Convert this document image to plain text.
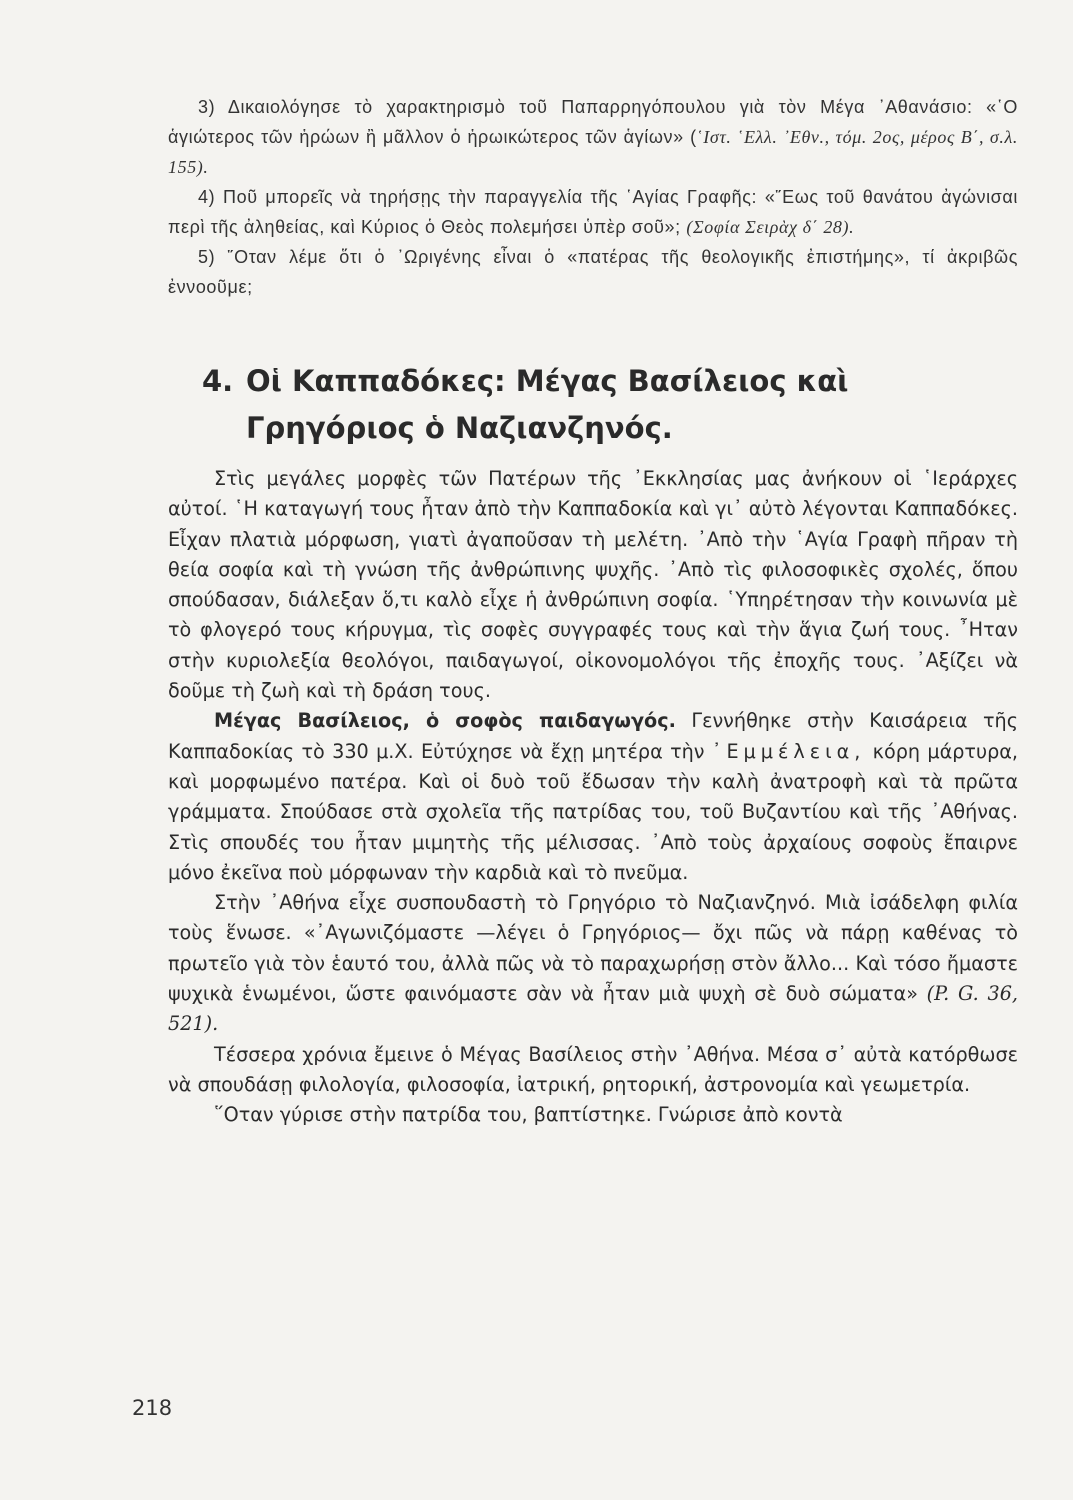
3) Δικαιολόγησε τὸ χαρακτηρισμὸ τοῦ Παπαρρηγόπουλου γιὰ τὸν Μέγα ᾿Αθανάσιο: «῾Ο ἁγιώτερος τῶν ἡρώων ἢ μᾶλλον ὁ ἡρωικώτερος τῶν ἁγίων» (῾Ιστ. ῾Ελλ. ᾿Εθν., τόμ. 2ος, μέρος Β΄, σ.λ. 155).

4) Ποῦ μπορεῖς νὰ τηρήσῃς τὴν παραγγελία τῆς ῾Αγίας Γραφῆς: «῞Εως τοῦ θανάτου ἀγώνισαι περὶ τῆς ἀληθείας, καὶ Κύριος ὁ Θεὸς πολεμήσει ὑπὲρ σοῦ»; (Σοφία Σειρὰχ δ΄ 28).

5) ῞Οταν λέμε ὅτι ὁ ᾿Ωριγένης εἶναι ὁ «πατέρας τῆς θεολογικῆς ἐπιστήμης», τί ἀκριβῶς ἐννοοῦμε;

4. Οἱ Καππαδόκες: Μέγας Βασίλειος καὶ
Γρηγόριος ὁ Ναζιανζηνός.

Στὶς μεγάλες μορφὲς τῶν Πατέρων τῆς ᾿Εκκλησίας μας ἀνήκουν οἱ ῾Ιεράρχες αὐτοί. ῾Η καταγωγή τους ἦταν ἀπὸ τὴν Καππαδοκία καὶ γι᾿ αὐτὸ λέγονται Καππαδόκες. Εἶχαν πλατιὰ μόρφωση, γιατὶ ἀγαποῦσαν τὴ μελέτη. ᾿Απὸ τὴν ῾Αγία Γραφὴ πῆραν τὴ θεία σοφία καὶ τὴ γνώση τῆς ἀνθρώπινης ψυχῆς. ᾿Απὸ τὶς φιλοσοφικὲς σχολές, ὅπου σπούδασαν, διάλεξαν ὅ,τι καλὸ εἶχε ἡ ἀνθρώπινη σοφία. ῾Υπηρέτησαν τὴν κοινωνία μὲ τὸ φλογερό τους κήρυγμα, τὶς σοφὲς συγγραφές τους καὶ τὴν ἅγια ζωή τους. ῏Ηταν στὴν κυριολεξία θεολόγοι, παιδαγωγοί, οἰκονομολόγοι τῆς ἐποχῆς τους. ᾿Αξίζει νὰ δοῦμε τὴ ζωὴ καὶ τὴ δράση τους.

Μέγας Βασίλειος, ὁ σοφὸς παιδαγωγός. Γεννήθηκε στὴν Καισάρεια τῆς Καππαδοκίας τὸ 330 μ.Χ. Εὐτύχησε νὰ ἔχῃ μητέρα τὴν ᾿Εμμέλεια, κόρη μάρτυρα, καὶ μορφωμένο πατέρα. Καὶ οἱ δυὸ τοῦ ἔδωσαν τὴν καλὴ ἀνατροφὴ καὶ τὰ πρῶτα γράμματα. Σπούδασε στὰ σχολεῖα τῆς πατρίδας του, τοῦ Βυζαντίου καὶ τῆς ᾿Αθήνας. Στὶς σπουδές του ἦταν μιμητὴς τῆς μέλισσας. ᾿Απὸ τοὺς ἀρχαίους σοφοὺς ἔπαιρνε μόνο ἐκεῖνα ποὺ μόρφωναν τὴν καρδιὰ καὶ τὸ πνεῦμα.

Στὴν ᾿Αθήνα εἶχε συσπουδαστὴ τὸ Γρηγόριο τὸ Ναζιανζηνό. Μιὰ ἰσάδελφη φιλία τοὺς ἕνωσε. «᾿Αγωνιζόμαστε —λέγει ὁ Γρηγόριος— ὄχι πῶς νὰ πάρῃ καθένας τὸ πρωτεῖο γιὰ τὸν ἑαυτό του, ἀλλὰ πῶς νὰ τὸ παραχωρήσῃ στὸν ἄλλο... Καὶ τόσο ἤμαστε ψυχικὰ ἑνωμένοι, ὥστε φαινόμαστε σὰν νὰ ἦταν μιὰ ψυχὴ σὲ δυὸ σώματα» (P. G. 36, 521).

Τέσσερα χρόνια ἔμεινε ὁ Μέγας Βασίλειος στὴν ᾿Αθήνα. Μέσα σ᾿ αὐτὰ κατόρθωσε νὰ σπουδάσῃ φιλολογία, φιλοσοφία, ἰατρική, ρητορική, ἀστρονομία καὶ γεωμετρία.

῞Οταν γύρισε στὴν πατρίδα του, βαπτίστηκε. Γνώρισε ἀπὸ κοντὰ

218
